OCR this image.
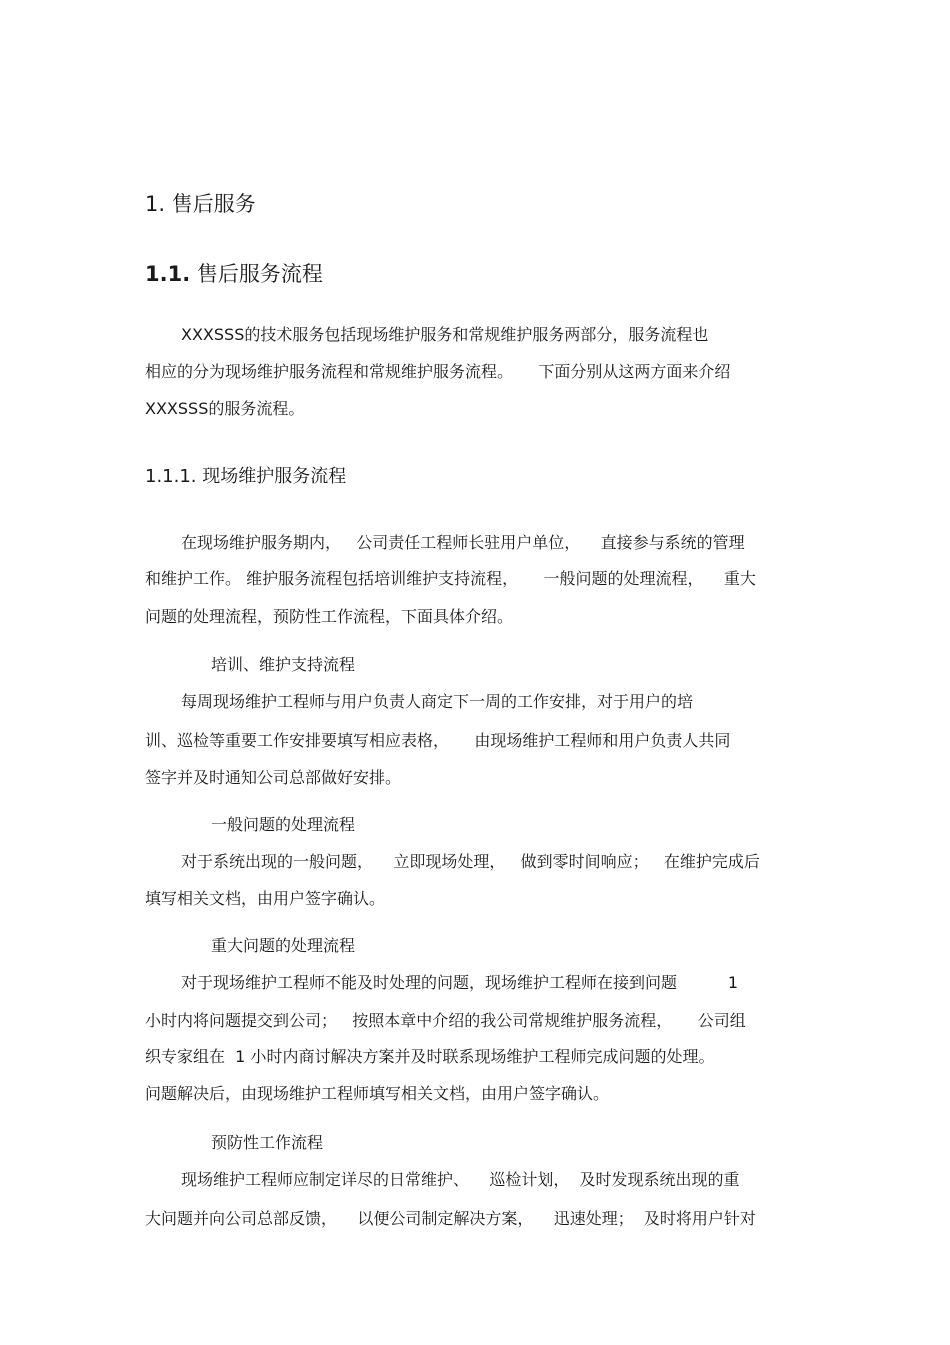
1. 售后服务
1.1. 售后服务流程
XXXSSS的技术服务包括现场维护服务和常规维护服务两部分，服务流程也
相应的分为现场维护服务流程和常规维护服务流程。     下面分别从这两方面来介绍
XXXSSS的服务流程。
1.1.1. 现场维护服务流程
在现场维护服务期内，   公司责任工程师长驻用户单位，    直接参与系统的管理
和维护工作。 维护服务流程包括培训维护支持流程，     一般问题的处理流程，    重大
问题的处理流程，预防性工作流程，下面具体介绍。
培训、维护支持流程
每周现场维护工程师与用户负责人商定下一周的工作安排，对于用户的培
训、巡检等重要工作安排要填写相应表格，     由现场维护工程师和用户负责人共同
签字并及时通知公司总部做好安排。
一般问题的处理流程
对于系统出现的一般问题，    立即现场处理，   做到零时间响应；   在维护完成后
填写相关文档，由用户签字确认。
重大问题的处理流程
对于现场维护工程师不能及时处理的问题，现场维护工程师在接到问题          1
小时内将问题提交到公司；   按照本章中介绍的我公司常规维护服务流程，     公司组
织专家组在  1 小时内商讨解决方案并及时联系现场维护工程师完成问题的处理。
问题解决后，由现场维护工程师填写相关文档，由用户签字确认。
预防性工作流程
现场维护工程师应制定详尽的日常维护、    巡检计划，  及时发现系统出现的重
大问题并向公司总部反馈，    以便公司制定解决方案，    迅速处理；  及时将用户针对
